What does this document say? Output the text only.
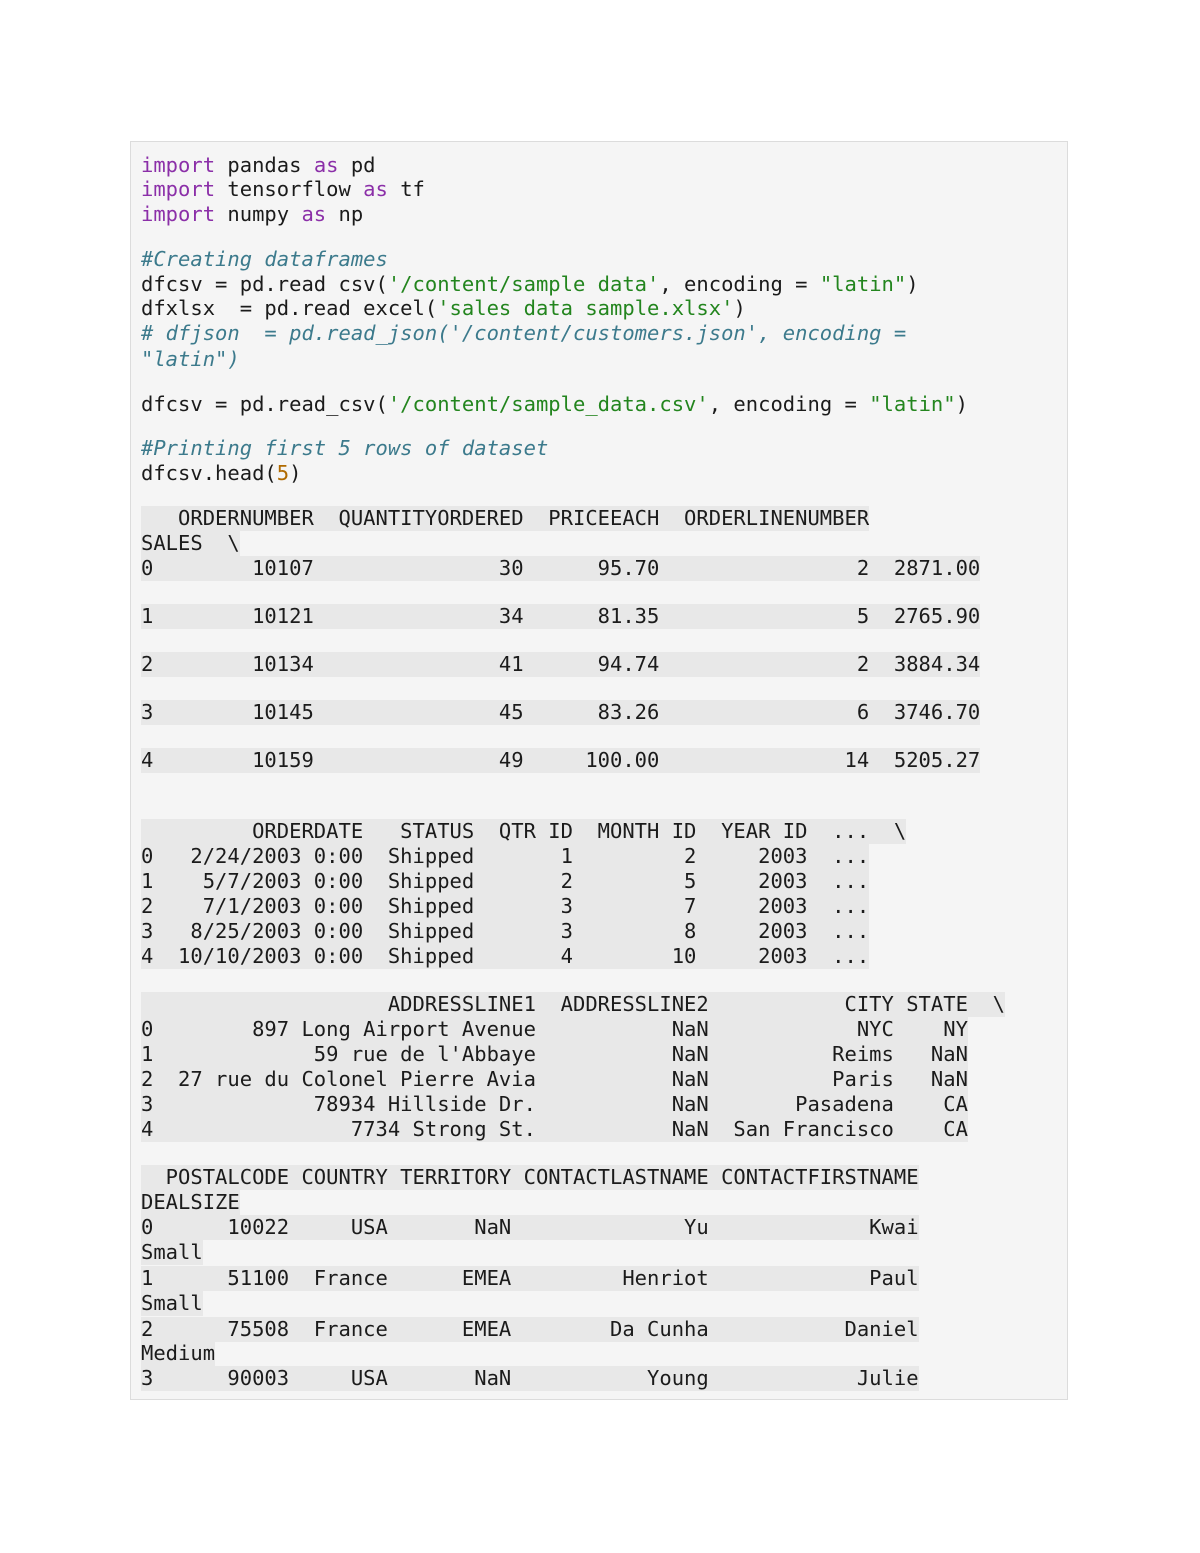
import pandas as pd
import tensorflow as tf
import numpy as np
#Creating dataframes
dfcsv = pd.read csv('/content/sample data', encoding = "latin")
dfxlsx  = pd.read excel('sales data sample.xlsx')
# dfjson  = pd.read_json('/content/customers.json', encoding =
"latin")
dfcsv = pd.read_csv('/content/sample_data.csv', encoding = "latin")
#Printing first 5 rows of dataset
dfcsv.head(5)
ORDERNUMBER  QUANTITYORDERED  PRICEEACH  ORDERLINENUMBER
SALES  \
0        10107               30      95.70                2  2871.00
1        10121               34      81.35                5  2765.90
2        10134               41      94.74                2  3884.34
3        10145               45      83.26                6  3746.70
4        10159               49     100.00               14  5205.27
ORDERDATE   STATUS  QTR ID  MONTH ID  YEAR ID  ...  \
0   2/24/2003 0:00  Shipped       1         2     2003  ...
1    5/7/2003 0:00  Shipped       2         5     2003  ...
2    7/1/2003 0:00  Shipped       3         7     2003  ...
3   8/25/2003 0:00  Shipped       3         8     2003  ...
4  10/10/2003 0:00  Shipped       4        10     2003  ...
ADDRESSLINE1  ADDRESSLINE2           CITY STATE  \
0        897 Long Airport Avenue           NaN            NYC    NY
1             59 rue de l'Abbaye           NaN          Reims   NaN
2  27 rue du Colonel Pierre Avia           NaN          Paris   NaN
3             78934 Hillside Dr.           NaN       Pasadena    CA
4                7734 Strong St.           NaN  San Francisco    CA
POSTALCODE COUNTRY TERRITORY CONTACTLASTNAME CONTACTFIRSTNAME
DEALSIZE
0      10022     USA       NaN              Yu             Kwai
Small
1      51100  France      EMEA         Henriot             Paul
Small
2      75508  France      EMEA        Da Cunha           Daniel
Medium
3      90003     USA       NaN           Young            Julie
